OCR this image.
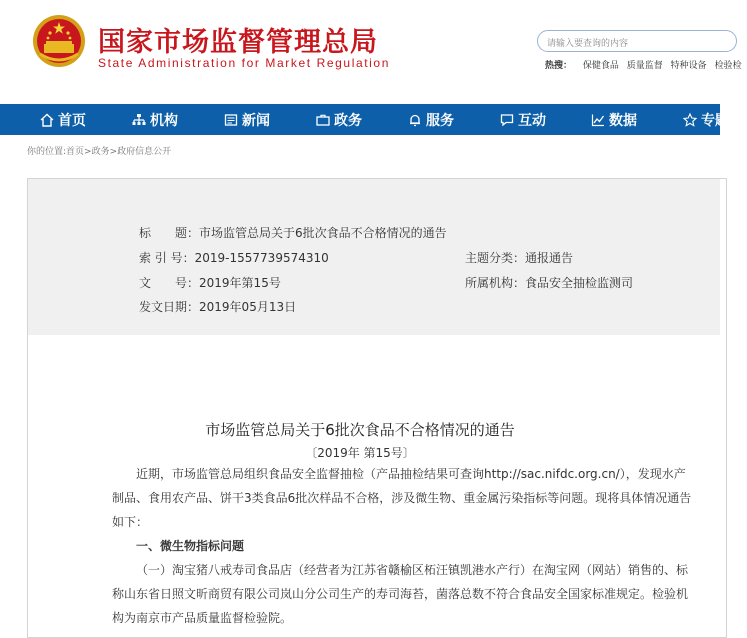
国家市场监督管理总局
State Administration for Market Regulation
请输入要查询的内容
热搜： 保健食品 质量监督 特种设备 检验检
首页	机构	新闻	政务	服务	互动	数据	专题
你的位置:首页>政务>政府信息公开
标　　题：市场监管总局关于6批次食品不合格情况的通告
索 引 号：2019-1557739574310
文　　号：2019年第15号
发文日期：2019年05月13日
主题分类：通报通告
所属机构：食品安全抽检监测司
市场监管总局关于6批次食品不合格情况的通告
〔2019年 第15号〕
近期，市场监管总局组织食品安全监督抽检（产品抽检结果可查询http://sac.nifdc.org.cn/），发现水产制品、食用农产品、饼干3类食品6批次样品不合格，涉及微生物、重金属污染指标等问题。现将具体情况通告如下：
一、微生物指标问题
（一）淘宝猪八戒寿司食品店（经营者为江苏省赣榆区柘汪镇凯港水产行）在淘宝网（网站）销售的、标称山东省日照文昕商贸有限公司岚山分公司生产的寿司海苔，菌落总数不符合食品安全国家标准规定。检验机构为南京市产品质量监督检验院。
